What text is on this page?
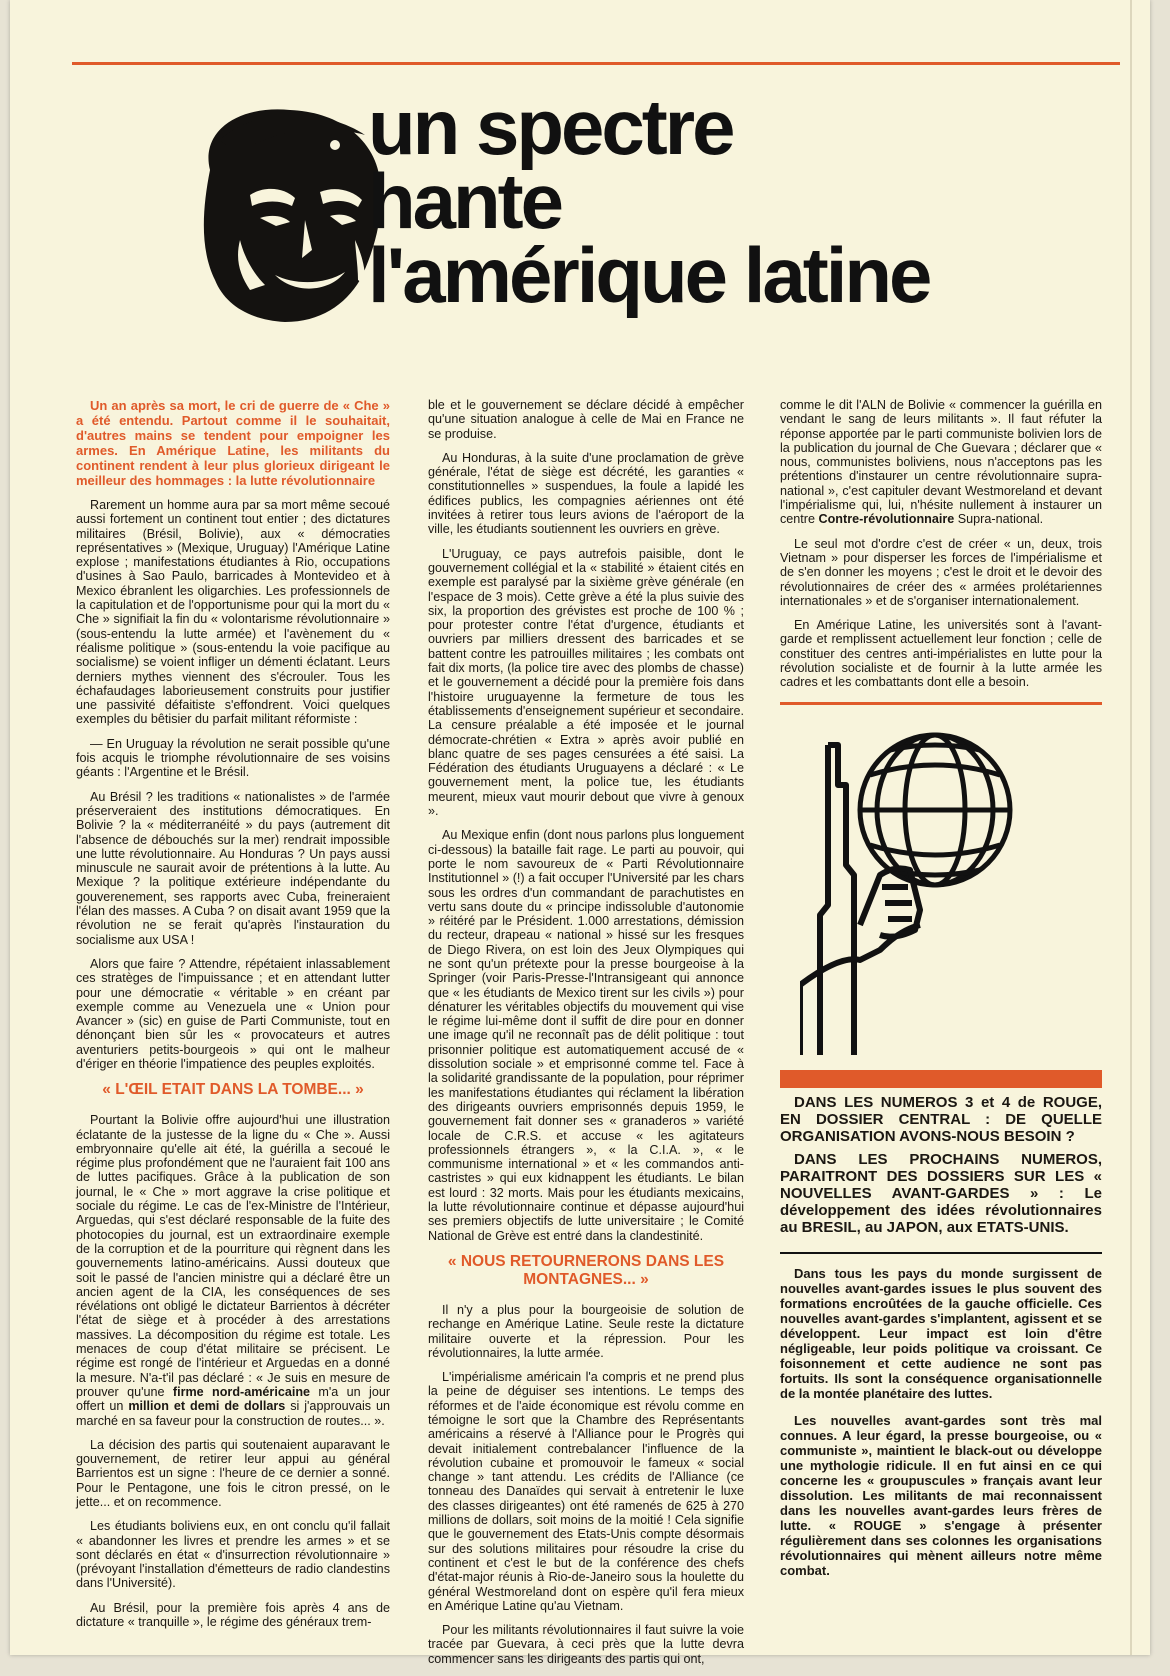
un spectre
hante
l'amérique latine

Un an après sa mort, le cri de guerre de « Che » a été entendu. Partout comme il le souhaitait, d'autres mains se tendent pour empoigner les armes. En Amérique Latine, les militants du continent rendent à leur plus glorieux dirigeant le meilleur des hommages : la lutte révolutionnaire

Rarement un homme aura par sa mort même secoué aussi fortement un continent tout entier ; des dictatures militaires (Brésil, Bolivie), aux « démocraties représentatives » (Mexique, Uruguay) l'Amérique Latine explose ; manifestations étudiantes à Rio, occupations d'usines à Sao Paulo, barricades à Montevideo et à Mexico ébranlent les oligarchies. Les professionnels de la capitulation et de l'opportunisme pour qui la mort du « Che » signifiait la fin du « volontarisme révolutionnaire » (sous-entendu la lutte armée) et l'avènement du « réalisme politique » (sous-entendu la voie pacifique au socialisme) se voient infliger un démenti éclatant. Leurs derniers mythes viennent des s'écrouler. Tous les échafaudages laborieusement construits pour justifier une passivité défaitiste s'effondrent. Voici quelques exemples du bêtisier du parfait militant réformiste :

— En Uruguay la révolution ne serait possible qu'une fois acquis le triomphe révolutionnaire de ses voisins géants : l'Argentine et le Brésil.

Au Brésil ? les traditions « nationalistes » de l'armée préserveraient des institutions démocratiques. En Bolivie ? la « méditerranéité » du pays (autrement dit l'absence de débouchés sur la mer) rendrait impossible une lutte révolutionnaire. Au Honduras ? Un pays aussi minuscule ne saurait avoir de prétentions à la lutte. Au Mexique ? la politique extérieure indépendante du gouverenement, ses rapports avec Cuba, freineraient l'élan des masses. A Cuba ? on disait avant 1959 que la révolution ne se ferait qu'après l'instauration du socialisme aux USA !

Alors que faire ? Attendre, répétaient inlassablement ces stratèges de l'impuissance ; et en attendant lutter pour une démocratie « véritable » en créant par exemple comme au Venezuela une « Union pour Avancer » (sic) en guise de Parti Communiste, tout en dénonçant bien sûr les « provocateurs et autres aventuriers petits-bourgeois » qui ont le malheur d'ériger en théorie l'impatience des peuples exploités.

« L'ŒIL ETAIT DANS LA TOMBE... »

Pourtant la Bolivie offre aujourd'hui une illustration éclatante de la justesse de la ligne du « Che ». Aussi embryonnaire qu'elle ait été, la guérilla a secoué le régime plus profondément que ne l'auraient fait 100 ans de luttes pacifiques. Grâce à la publication de son journal, le « Che » mort aggrave la crise politique et sociale du régime. Le cas de l'ex-Ministre de l'Intérieur, Arguedas, qui s'est déclaré responsable de la fuite des photocopies du journal, est un extraordinaire exemple de la corruption et de la pourriture qui règnent dans les gouvernements latino-américains. Aussi douteux que soit le passé de l'ancien ministre qui a déclaré être un ancien agent de la CIA, les conséquences de ses révélations ont obligé le dictateur Barrientos à décréter l'état de siège et à procéder à des arrestations massives. La décomposition du régime est totale. Les menaces de coup d'état militaire se précisent. Le régime est rongé de l'intérieur et Arguedas en a donné la mesure. N'a-t'il pas déclaré : « Je suis en mesure de prouver qu'une firme nord-américaine m'a un jour offert un million et demi de dollars si j'approuvais un marché en sa faveur pour la construction de routes... ».

La décision des partis qui soutenaient auparavant le gouvernement, de retirer leur appui au général Barrientos est un signe : l'heure de ce dernier a sonné. Pour le Pentagone, une fois le citron pressé, on le jette... et on recommence.

Les étudiants boliviens eux, en ont conclu qu'il fallait « abandonner les livres et prendre les armes » et se sont déclarés en état « d'insurrection révolutionnaire » (prévoyant l'installation d'émetteurs de radio clandestins dans l'Université).

Au Brésil, pour la première fois après 4 ans de dictature « tranquille », le régime des généraux trem-

ble et le gouvernement se déclare décidé à empêcher qu'une situation analogue à celle de Mai en France ne se produise.

Au Honduras, à la suite d'une proclamation de grève générale, l'état de siège est décrété, les garanties « constitutionnelles » suspendues, la foule a lapidé les édifices publics, les compagnies aériennes ont été invitées à retirer tous leurs avions de l'aéroport de la ville, les étudiants soutiennent les ouvriers en grève.

L'Uruguay, ce pays autrefois paisible, dont le gouvernement collégial et la « stabilité » étaient cités en exemple est paralysé par la sixième grève générale (en l'espace de 3 mois). Cette grève a été la plus suivie des six, la proportion des grévistes est proche de 100 % ; pour protester contre l'état d'urgence, étudiants et ouvriers par milliers dressent des barricades et se battent contre les patrouilles militaires ; les combats ont fait dix morts, (la police tire avec des plombs de chasse) et le gouvernement a décidé pour la première fois dans l'histoire uruguayenne la fermeture de tous les établissements d'enseignement supérieur et secondaire. La censure préalable a été imposée et le journal démocrate-chrétien « Extra » après avoir publié en blanc quatre de ses pages censurées a été saisi. La Fédération des étudiants Uruguayens a déclaré : « Le gouvernement ment, la police tue, les étudiants meurent, mieux vaut mourir debout que vivre à genoux ».

Au Mexique enfin (dont nous parlons plus longuement ci-dessous) la bataille fait rage. Le parti au pouvoir, qui porte le nom savoureux de « Parti Révolutionnaire Institutionnel » (!) a fait occuper l'Université par les chars sous les ordres d'un commandant de parachutistes en vertu sans doute du « principe indissoluble d'autonomie » réitéré par le Président. 1.000 arrestations, démission du recteur, drapeau « national » hissé sur les fresques de Diego Rivera, on est loin des Jeux Olympiques qui ne sont qu'un prétexte pour la presse bourgeoise à la Springer (voir Paris-Presse-l'Intransigeant qui annonce que « les étudiants de Mexico tirent sur les civils ») pour dénaturer les véritables objectifs du mouvement qui vise le régime lui-même dont il suffit de dire pour en donner une image qu'il ne reconnaît pas de délit politique : tout prisonnier politique est automatiquement accusé de « dissolution sociale » et emprisonné comme tel. Face à la solidarité grandissante de la population, pour réprimer les manifestations étudiantes qui réclament la libération des dirigeants ouvriers emprisonnés depuis 1959, le gouvernement fait donner ses « granaderos » variété locale de C.R.S. et accuse « les agitateurs professionnels étrangers », « la C.I.A. », « le communisme international » et « les commandos anti-castristes » qui eux kidnappent les étudiants. Le bilan est lourd : 32 morts. Mais pour les étudiants mexicains, la lutte révolutionnaire continue et dépasse aujourd'hui ses premiers objectifs de lutte universitaire ; le Comité National de Grève est entré dans la clandestinité.

« NOUS RETOURNERONS DANS LES MONTAGNES... »

Il n'y a plus pour la bourgeoisie de solution de rechange en Amérique Latine. Seule reste la dictature militaire ouverte et la répression. Pour les révolutionnaires, la lutte armée.

L'impérialisme américain l'a compris et ne prend plus la peine de déguiser ses intentions. Le temps des réformes et de l'aide économique est révolu comme en témoigne le sort que la Chambre des Représentants américains a réservé à l'Alliance pour le Progrès qui devait initialement contrebalancer l'influence de la révolution cubaine et promouvoir le fameux « social change » tant attendu. Les crédits de l'Alliance (ce tonneau des Danaïdes qui servait à entretenir le luxe des classes dirigeantes) ont été ramenés de 625 à 270 millions de dollars, soit moins de la moitié ! Cela signifie que le gouvernement des Etats-Unis compte désormais sur des solutions militaires pour résoudre la crise du continent et c'est le but de la conférence des chefs d'état-major réunis à Rio-de-Janeiro sous la houlette du général Westmoreland dont on espère qu'il fera mieux en Amérique Latine qu'au Vietnam.

Pour les militants révolutionnaires il faut suivre la voie tracée par Guevara, à ceci près que la lutte devra commencer sans les dirigeants des partis qui ont,

comme le dit l'ALN de Bolivie « commencer la guérilla en vendant le sang de leurs militants ». Il faut réfuter la réponse apportée par le parti communiste bolivien lors de la publication du journal de Che Guevara ; déclarer que « nous, communistes boliviens, nous n'acceptons pas les prétentions d'instaurer un centre révolutionnaire supra-national », c'est capituler devant Westmoreland et devant l'impérialisme qui, lui, n'hésite nullement à instaurer un centre Contre-révolutionnaire Supra-national.

Le seul mot d'ordre c'est de créer « un, deux, trois Vietnam » pour disperser les forces de l'impérialisme et de s'en donner les moyens ; c'est le droit et le devoir des révolutionnaires de créer des « armées prolétariennes internationales » et de s'organiser internationalement.

En Amérique Latine, les universités sont à l'avant-garde et remplissent actuellement leur fonction ; celle de constituer des centres anti-impérialistes en lutte pour la révolution socialiste et de fournir à la lutte armée les cadres et les combattants dont elle a besoin.

DANS LES NUMEROS 3 et 4 de ROUGE, EN DOSSIER CENTRAL : DE QUELLE ORGANISATION AVONS-NOUS BESOIN ?

DANS LES PROCHAINS NUMEROS, PARAITRONT DES DOSSIERS SUR LES « NOUVELLES AVANT-GARDES » : Le développement des idées révolutionnaires au BRESIL, au JAPON, aux ETATS-UNIS.

Dans tous les pays du monde surgissent de nouvelles avant-gardes issues le plus souvent des formations encroûtées de la gauche officielle. Ces nouvelles avant-gardes s'implantent, agissent et se développent. Leur impact est loin d'être négligeable, leur poids politique va croissant. Ce foisonnement et cette audience ne sont pas fortuits. Ils sont la conséquence organisationnelle de la montée planétaire des luttes.

Les nouvelles avant-gardes sont très mal connues. A leur égard, la presse bourgeoise, ou « communiste », maintient le black-out ou développe une mythologie ridicule. Il en fut ainsi en ce qui concerne les « groupuscules » français avant leur dissolution. Les militants de mai reconnaissent dans les nouvelles avant-gardes leurs frères de lutte. « ROUGE » s'engage à présenter régulièrement dans ses colonnes les organisations révolutionnaires qui mènent ailleurs notre même combat.
